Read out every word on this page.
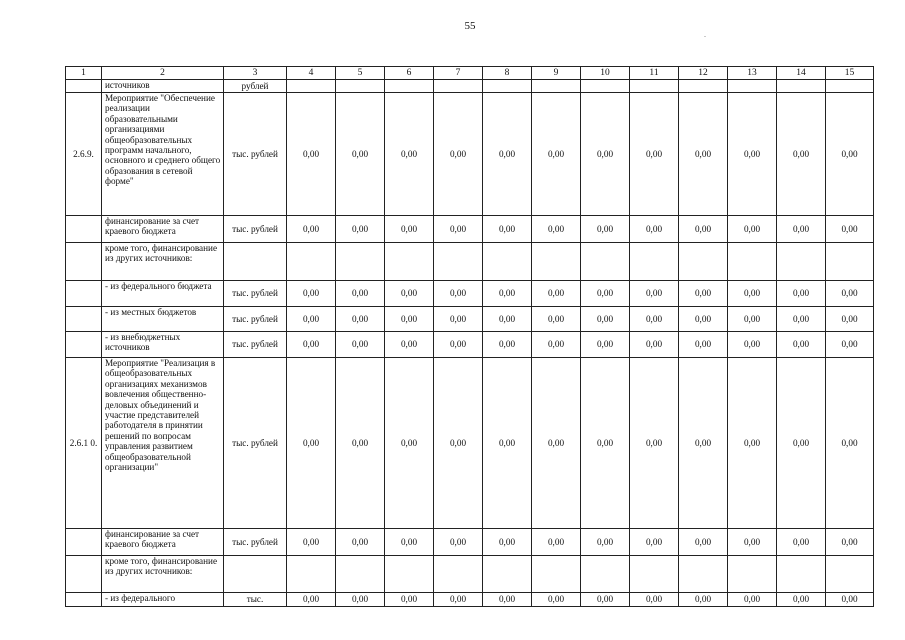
55
.
1	2	3	4	5	6	7	8	9	10	11	12	13	14	15
	источников	рублей												
2.6.9.	Мероприятие "Обеспечение реализации образовательными организациями общеобразовательных программ начального, основного и среднего общего образования в сетевой форме"	тыс. рублей	0,00	0,00	0,00	0,00	0,00	0,00	0,00	0,00	0,00	0,00	0,00	0,00
	финансирование за счет краевого бюджета	тыс. рублей	0,00	0,00	0,00	0,00	0,00	0,00	0,00	0,00	0,00	0,00	0,00	0,00
	кроме того, финансирование из других источников:													
	- из федерального бюджета	тыс. рублей	0,00	0,00	0,00	0,00	0,00	0,00	0,00	0,00	0,00	0,00	0,00	0,00
	- из местных бюджетов	тыс. рублей	0,00	0,00	0,00	0,00	0,00	0,00	0,00	0,00	0,00	0,00	0,00	0,00
	- из внебюджетных источников	тыс. рублей	0,00	0,00	0,00	0,00	0,00	0,00	0,00	0,00	0,00	0,00	0,00	0,00
2.6.1 0.	Мероприятие "Реализация в общеобразовательных организациях механизмов вовлечения общественно-деловых объединений и участие представителей работодателя в принятии решений по вопросам управления развитием общеобразовательной организации"	тыс. рублей	0,00	0,00	0,00	0,00	0,00	0,00	0,00	0,00	0,00	0,00	0,00	0,00
	финансирование за счет краевого бюджета	тыс. рублей	0,00	0,00	0,00	0,00	0,00	0,00	0,00	0,00	0,00	0,00	0,00	0,00
	кроме того, финансирование из других источников:													
	- из федерального	тыс.	0,00	0,00	0,00	0,00	0,00	0,00	0,00	0,00	0,00	0,00	0,00	0,00
